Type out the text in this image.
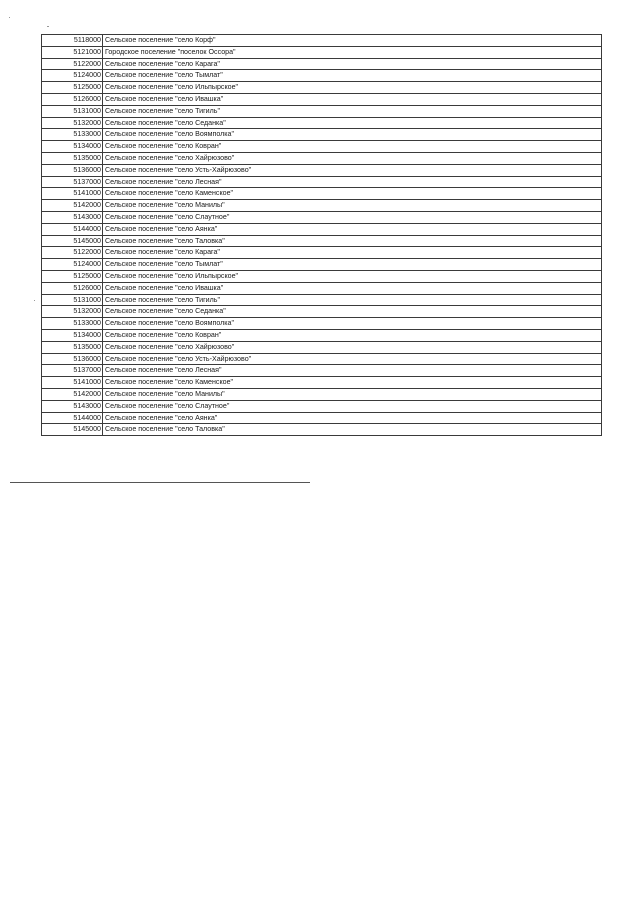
5118000	Сельское поселение "село Корф"
5121000	Городское поселение "поселок Оссора"
5122000	Сельское поселение "село Карага"
5124000	Сельское поселение "село Тымлат"
5125000	Сельское поселение "село Ильпырское"
5126000	Сельское поселение "село Ивашка"
5131000	Сельское поселение "село Тигиль"
5132000	Сельское поселение "село Седанка"
5133000	Сельское поселение "село Воямполка"
5134000	Сельское поселение "село Ковран"
5135000	Сельское поселение "село Хайрюзово"
5136000	Сельское поселение "село Усть-Хайрюзово"
5137000	Сельское поселение "село Лесная"
5141000	Сельское поселение "село Каменское"
5142000	Сельское поселение "село Манилы"
5143000	Сельское поселение "село Слаутное"
5144000	Сельское поселение "село Аянка"
5145000	Сельское поселение "село Таловка"
5122000	Сельское поселение "село Карага"
5124000	Сельское поселение "село Тымлат"
5125000	Сельское поселение "село Ильпырское"
5126000	Сельское поселение "село Ивашка"
5131000	Сельское поселение "село Тигиль"
5132000	Сельское поселение "село Седанка"
5133000	Сельское поселение "село Воямполка"
5134000	Сельское поселение "село Ковран"
5135000	Сельское поселение "село Хайрюзово"
5136000	Сельское поселение "село Усть-Хайрюзово"
5137000	Сельское поселение "село Лесная"
5141000	Сельское поселение "село Каменское"
5142000	Сельское поселение "село Манилы"
5143000	Сельское поселение "село Слаутное"
5144000	Сельское поселение "село Аянка"
5145000	Сельское поселение "село Таловка"
